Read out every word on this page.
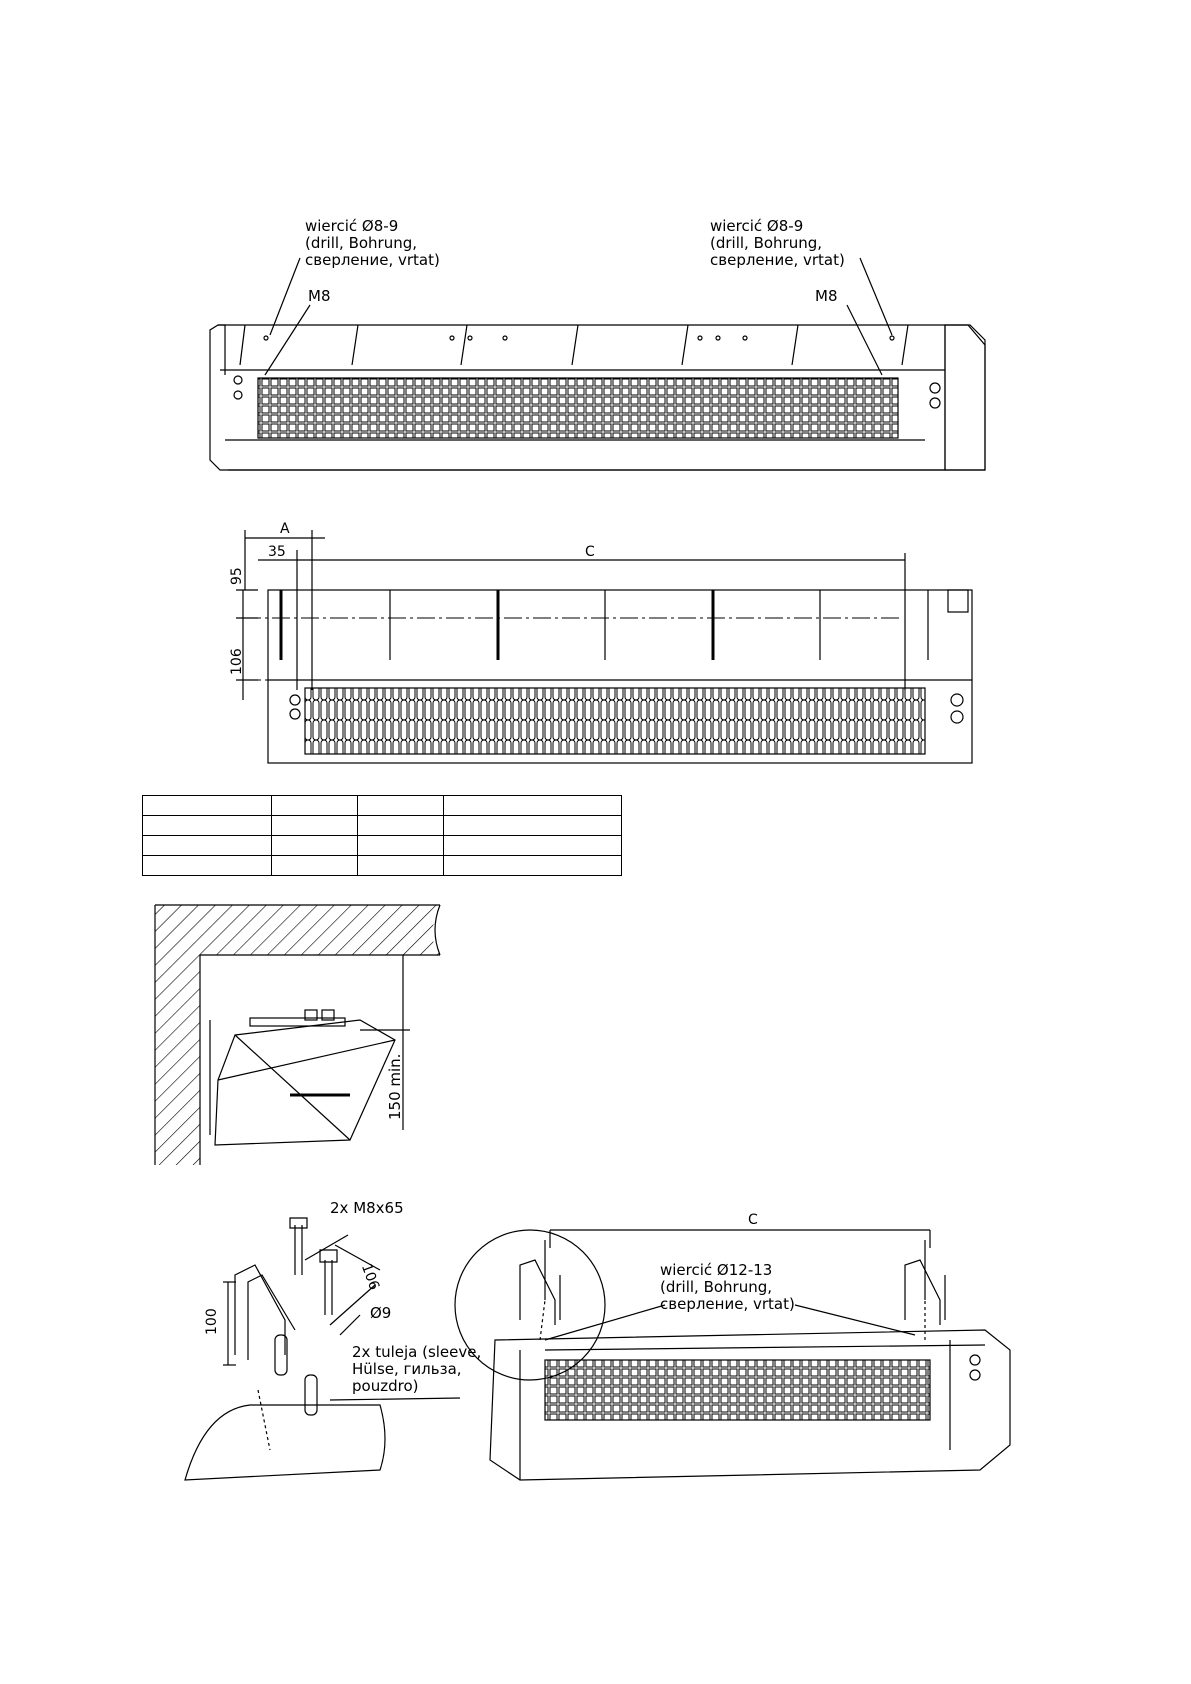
wiercić Ø8-9
(drill, Bohrung,
сверление, vrtat)
M8
wiercić Ø8-9
(drill, Bohrung,
сверление, vrtat)
M8
A
35	C
95
106

150 min.
2x M8x65
100
106
Ø9
2x tuleja (sleeve,
Hülse, гильза,
pouzdro)
C
wiercić Ø12-13
(drill, Bohrung,
сверление, vrtat)
